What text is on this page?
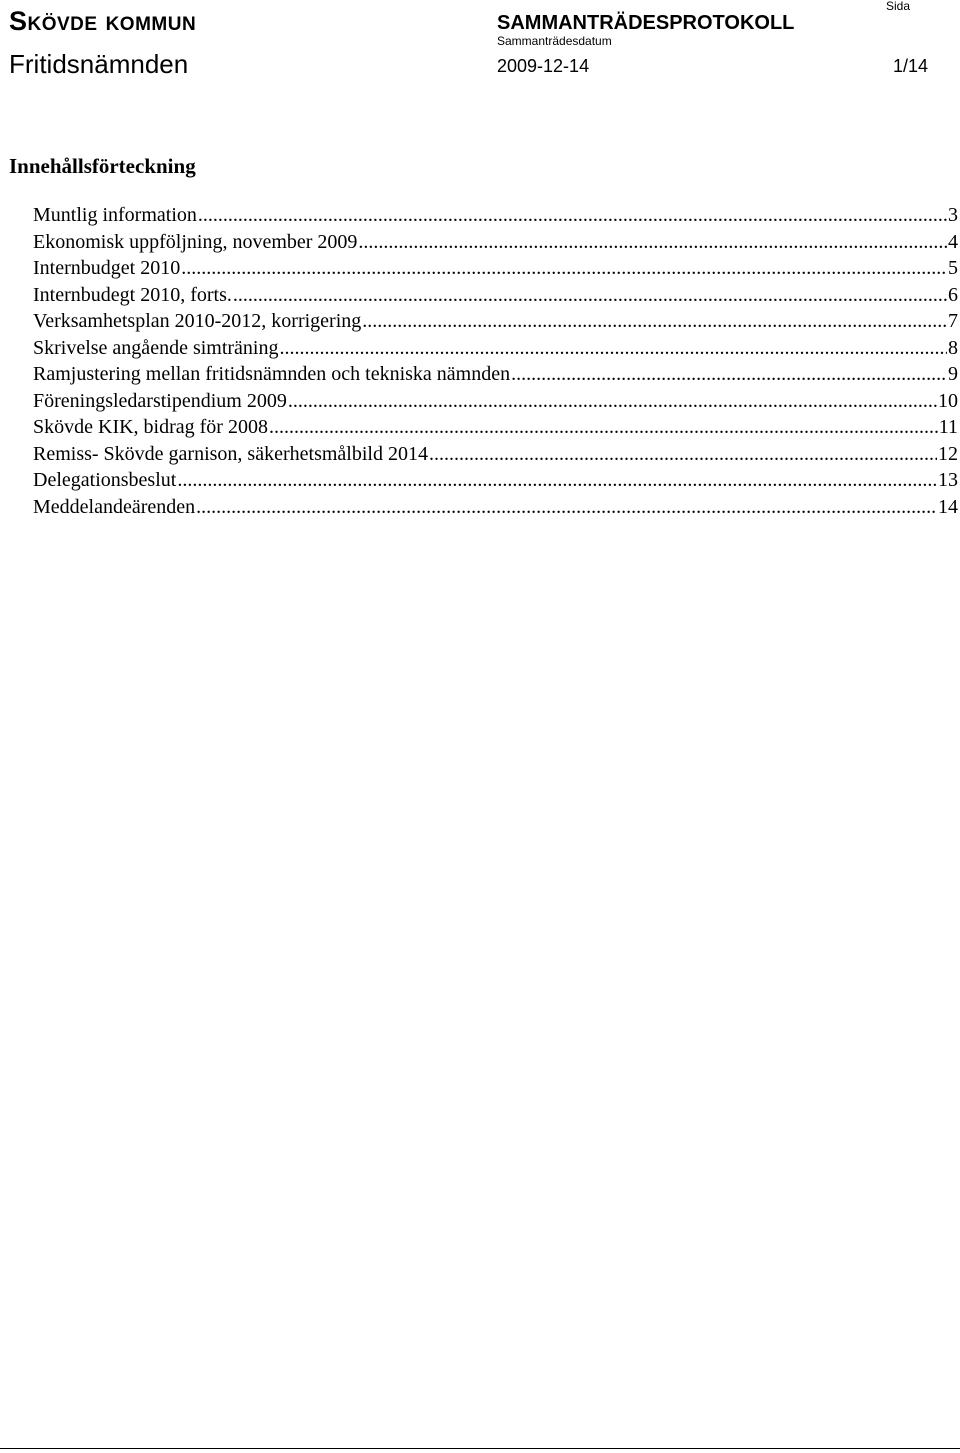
Skövde kommun	SAMMANTRÄDESPROTOKOLL
Sammanträdesdatum
Sida
Fritidsnämnden	2009-12-14	1/14
Innehållsförteckning
Muntlig information .....	3
Ekonomisk uppföljning, november 2009 .....	4
Internbudget 2010 .....	5
Internbudegt 2010, forts. .....	6
Verksamhetsplan 2010-2012, korrigering .....	7
Skrivelse angående simträning .....	8
Ramjustering mellan fritidsnämnden och tekniska nämnden .....	9
Föreningsledarstipendium 2009 .....	10
Skövde KIK, bidrag för 2008 .....	11
Remiss- Skövde garnison, säkerhetsmålbild 2014 .....	12
Delegationsbeslut .....	13
Meddelandeärenden .....	14
